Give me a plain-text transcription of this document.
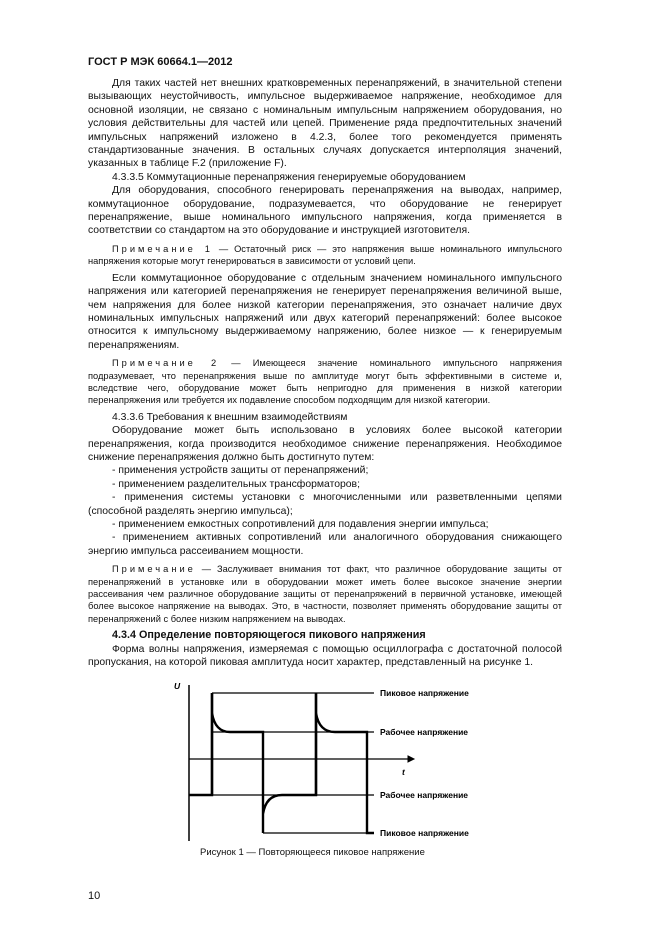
ГОСТ Р МЭК 60664.1—2012

Для таких частей нет внешних кратковременных перенапряжений, в значительной степени вызывающих неустойчивость, импульсное выдерживаемое напряжение, необходимое для основной изоляции, не связано с номинальным импульсным напряжением оборудования, но условия действительны для частей или цепей. Применение ряда предпочтительных значений импульсных напряжений изложено в 4.2.3, более того рекомендуется применять стандартизованные значения. В остальных случаях допускается интерполяция значений, указанных в таблице F.2 (приложение F).

4.3.3.5 Коммутационные перенапряжения генерируемые оборудованием

Для оборудования, способного генерировать перенапряжения на выводах, например, коммутационное оборудование, подразумевается, что оборудование не генерирует перенапряжение, выше номинального импульсного напряжения, когда применяется в соответствии со стандартом на это оборудование и инструкцией изготовителя.

Примечание 1 — Остаточный риск — это напряжения выше номинального импульсного напряжения которые могут генерироваться в зависимости от условий цепи.

Если коммутационное оборудование с отдельным значением номинального импульсного напряжения или категорией перенапряжения не генерирует перенапряжения величиной выше, чем напряжения для более низкой категории перенапряжения, это означает наличие двух номинальных импульсных напряжений или двух категорий перенапряжений: более высокое относится к импульсному выдерживаемому напряжению, более низкое — к генерируемым перенапряжениям.

Примечание 2 — Имеющееся значение номинального импульсного напряжения подразумевает, что перенапряжения выше по амплитуде могут быть эффективными в системе и, вследствие чего, оборудование может быть непригодно для применения в низкой категории перенапряжения или требуется их подавление способом подходящим для низкой категории.

4.3.3.6 Требования к внешним взаимодействиям

Оборудование может быть использовано в условиях более высокой категории перенапряжения, когда производится необходимое снижение перенапряжения. Необходимое снижение перенапряжения должно быть достигнуто путем:

- применения устройств защиты от перенапряжений;

- применением разделительных трансформаторов;

- применения системы установки с многочисленными или разветвленными цепями (способной разделять энергию импульса);

- применением емкостных сопротивлений для подавления энергии импульса;

- применением активных сопротивлений или аналогичного оборудования снижающего энергию импульса рассеиванием мощности.

Примечание — Заслуживает внимания тот факт, что различное оборудование защиты от перенапряжений в установке или в оборудовании может иметь более высокое значение энергии рассеивания чем различное оборудование защиты от перенапряжений в первичной установке, имеющей более высокое напряжение на выводах. Это, в частности, позволяет применять оборудование защиты от перенапряжений с более низким напряжением на выводах.

4.3.4 Определение повторяющегося пикового напряжения

Форма волны напряжения, измеряемая с помощью осциллографа с достаточной полосой пропускания, на которой пиковая амплитуда носит характер, представленный на рисунке 1.

U
t
Пиковое напряжение
Рабочее напряжение
Рабочее напряжение
Пиковое напряжение
Рисунок 1 — Повторяющееся пиковое напряжение
10
